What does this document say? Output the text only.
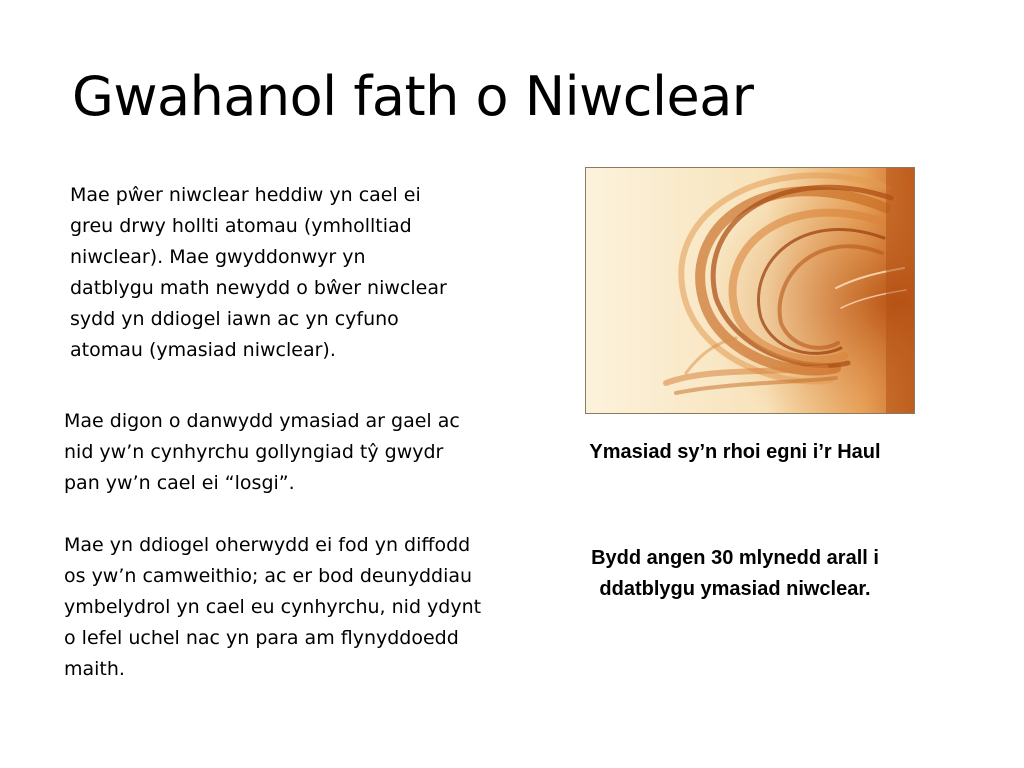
Gwahanol fath o Niwclear

Mae pŵer niwclear heddiw yn cael ei
greu drwy hollti atomau (ymholltiad
niwclear). Mae gwyddonwyr yn
datblygu math newydd o bŵer niwclear
sydd yn ddiogel iawn ac yn cyfuno
atomau (ymasiad niwclear).

Mae digon o danwydd ymasiad ar gael ac
nid yw’n cynhyrchu gollyngiad tŷ gwydr
pan yw’n cael ei “losgi”.

Mae yn ddiogel oherwydd ei fod yn diffodd
os yw’n camweithio; ac er bod deunyddiau
ymbelydrol yn cael eu cynhyrchu, nid ydynt
o lefel uchel nac yn para am flynyddoedd
maith.

Ymasiad sy’n rhoi egni i’r Haul

Bydd angen 30 mlynedd arall i
ddatblygu ymasiad niwclear.
